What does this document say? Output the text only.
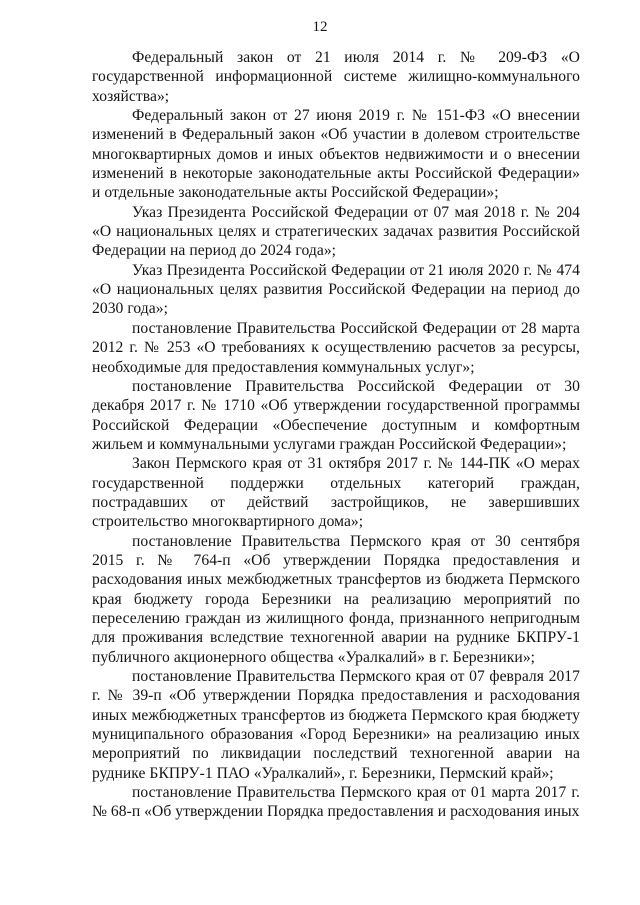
12

Федеральный закон от 21 июля 2014 г. № 209-ФЗ «О государственной информационной системе жилищно-коммунального хозяйства»;

Федеральный закон от 27 июня 2019 г. № 151-ФЗ «О внесении изменений в Федеральный закон «Об участии в долевом строительстве многоквартирных домов и иных объектов недвижимости и о внесении изменений в некоторые законодательные акты Российской Федерации» и отдельные законодательные акты Российской Федерации»;

Указ Президента Российской Федерации от 07 мая 2018 г. № 204 «О национальных целях и стратегических задачах развития Российской Федерации на период до 2024 года»;

Указ Президента Российской Федерации от 21 июля 2020 г. № 474 «О национальных целях развития Российской Федерации на период до 2030 года»;

постановление Правительства Российской Федерации от 28 марта 2012 г. № 253 «О требованиях к осуществлению расчетов за ресурсы, необходимые для предоставления коммунальных услуг»;

постановление Правительства Российской Федерации от 30 декабря 2017 г. № 1710 «Об утверждении государственной программы Российской Федерации «Обеспечение доступным и комфортным жильем и коммунальными услугами граждан Российской Федерации»;

Закон Пермского края от 31 октября 2017 г. № 144-ПК «О мерах государственной поддержки отдельных категорий граждан, пострадавших от действий застройщиков, не завершивших строительство многоквартирного дома»;

постановление Правительства Пермского края от 30 сентября 2015 г. № 764-п «Об утверждении Порядка предоставления и расходования иных межбюджетных трансфертов из бюджета Пермского края бюджету города Березники на реализацию мероприятий по переселению граждан из жилищного фонда, признанного непригодным для проживания вследствие техногенной аварии на руднике БКПРУ-1 публичного акционерного общества «Уралкалий» в г. Березники»;

постановление Правительства Пермского края от 07 февраля 2017 г. № 39-п «Об утверждении Порядка предоставления и расходования иных межбюджетных трансфертов из бюджета Пермского края бюджету муниципального образования «Город Березники» на реализацию иных мероприятий по ликвидации последствий техногенной аварии на руднике БКПРУ-1 ПАО «Уралкалий», г. Березники, Пермский край»;

постановление Правительства Пермского края от 01 марта 2017 г. № 68-п «Об утверждении Порядка предоставления и расходования иных
